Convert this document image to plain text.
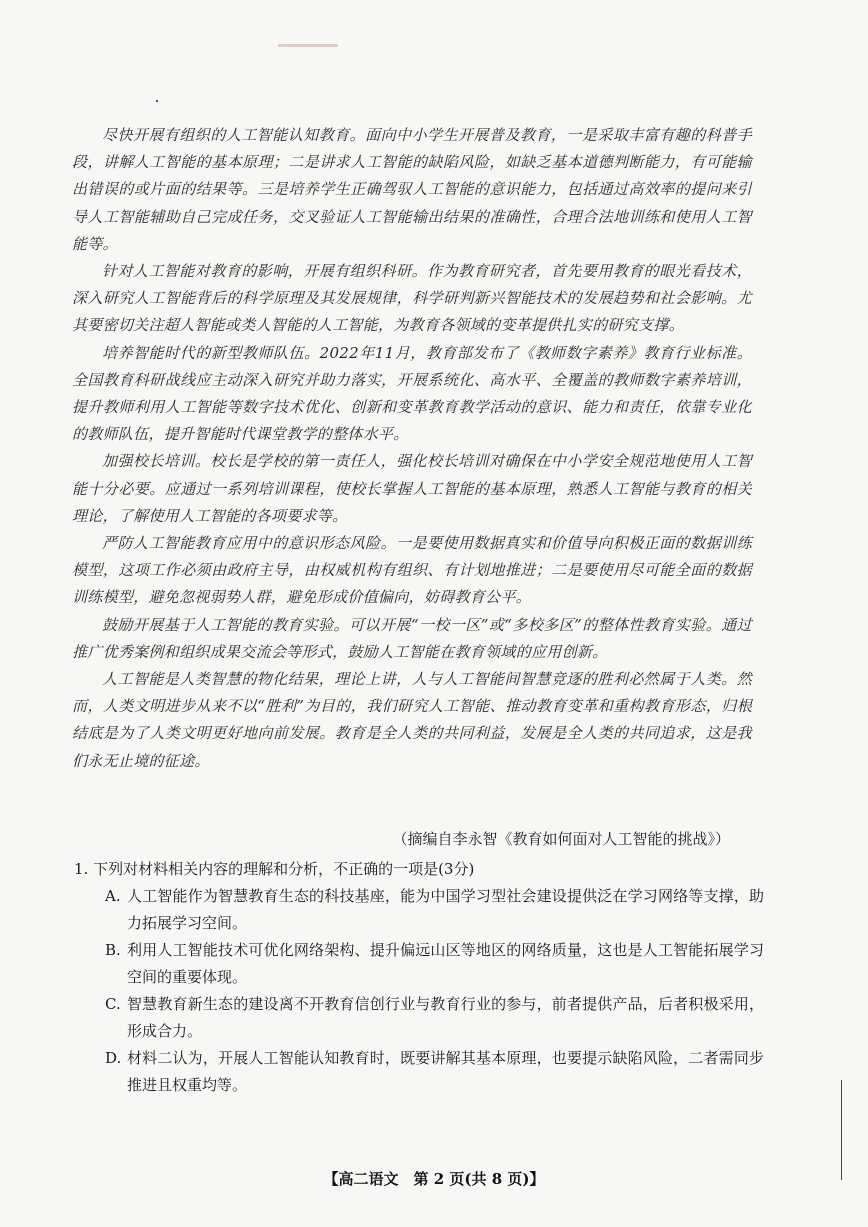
尽快开展有组织的人工智能认知教育。面向中小学生开展普及教育，一是采取丰富有趣的科普手段，讲解人工智能的基本原理；二是讲求人工智能的缺陷风险，如缺乏基本道德判断能力，有可能输出错误的或片面的结果等。三是培养学生正确驾驭人工智能的意识能力，包括通过高效率的提问来引导人工智能辅助自己完成任务，交叉验证人工智能输出结果的准确性，合理合法地训练和使用人工智能等。

针对人工智能对教育的影响，开展有组织科研。作为教育研究者，首先要用教育的眼光看技术，深入研究人工智能背后的科学原理及其发展规律，科学研判新兴智能技术的发展趋势和社会影响。尤其要密切关注超人智能或类人智能的人工智能，为教育各领域的变革提供扎实的研究支撑。

培养智能时代的新型教师队伍。2022年11月，教育部发布了《教师数字素养》教育行业标准。全国教育科研战线应主动深入研究并助力落实，开展系统化、高水平、全覆盖的教师数字素养培训，提升教师利用人工智能等数字技术优化、创新和变革教育教学活动的意识、能力和责任，依靠专业化的教师队伍，提升智能时代课堂教学的整体水平。

加强校长培训。校长是学校的第一责任人，强化校长培训对确保在中小学安全规范地使用人工智能十分必要。应通过一系列培训课程，使校长掌握人工智能的基本原理，熟悉人工智能与教育的相关理论，了解使用人工智能的各项要求等。

严防人工智能教育应用中的意识形态风险。一是要使用数据真实和价值导向积极正面的数据训练模型，这项工作必须由政府主导，由权威机构有组织、有计划地推进；二是要使用尽可能全面的数据训练模型，避免忽视弱势人群，避免形成价值偏向，妨碍教育公平。

鼓励开展基于人工智能的教育实验。可以开展“一校一区”或“多校多区”的整体性教育实验。通过推广优秀案例和组织成果交流会等形式，鼓励人工智能在教育领域的应用创新。

人工智能是人类智慧的物化结果，理论上讲，人与人工智能间智慧竞逐的胜利必然属于人类。然而，人类文明进步从来不以“胜利”为目的，我们研究人工智能、推动教育变革和重构教育形态，归根结底是为了人类文明更好地向前发展。教育是全人类的共同利益，发展是全人类的共同追求，这是我们永无止境的征途。

（摘编自李永智《教育如何面对人工智能的挑战》）

1. 下列对材料相关内容的理解和分析，不正确的一项是(3分)

A. 人工智能作为智慧教育生态的科技基座，能为中国学习型社会建设提供泛在学习网络等支撑，助力拓展学习空间。
B. 利用人工智能技术可优化网络架构、提升偏远山区等地区的网络质量，这也是人工智能拓展学习空间的重要体现。
C. 智慧教育新生态的建设离不开教育信创行业与教育行业的参与，前者提供产品，后者积极采用，形成合力。
D. 材料二认为，开展人工智能认知教育时，既要讲解其基本原理，也要提示缺陷风险，二者需同步推进且权重均等。
【高二语文　第 2 页(共 8 页)】
